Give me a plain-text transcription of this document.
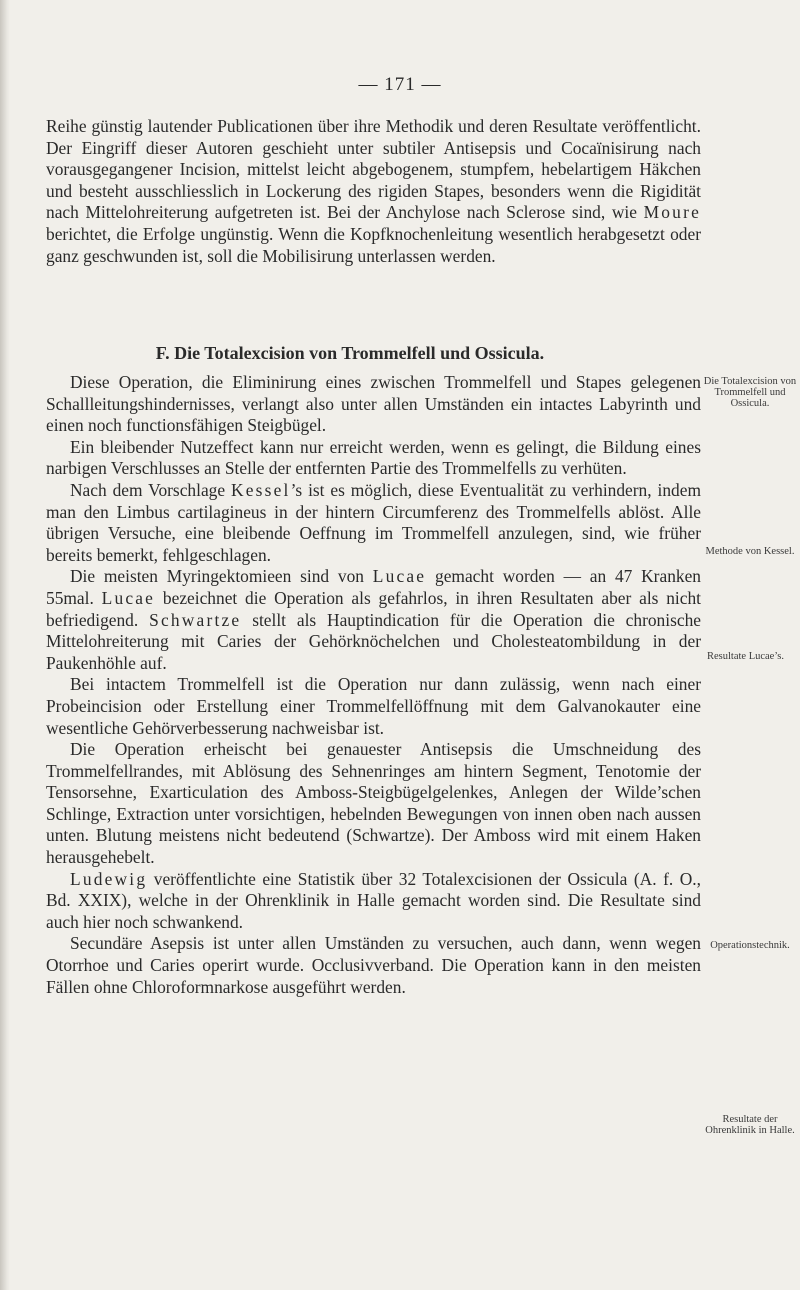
— 171 —

Reihe günstig lautender Publicationen über ihre Methodik und deren Resultate veröffentlicht. Der Eingriff dieser Autoren geschieht unter subtiler Antisepsis und Cocaïnisirung nach vorausgegangener Incision, mittelst leicht abgebogenem, stumpfem, hebelartigem Häkchen und besteht ausschliesslich in Lockerung des rigiden Stapes, besonders wenn die Rigidität nach Mittelohreiterung aufgetreten ist. Bei der Anchylose nach Sclerose sind, wie Moure berichtet, die Erfolge ungünstig. Wenn die Kopfknochenleitung wesentlich herabgesetzt oder ganz geschwunden ist, soll die Mobilisirung unterlassen werden.

F. Die Totalexcision von Trommelfell und Ossicula.

Diese Operation, die Eliminirung eines zwischen Trommelfell und Stapes gelegenen Schallleitungshindernisses, verlangt also unter allen Umständen ein intactes Labyrinth und einen noch functionsfähigen Steigbügel.

Ein bleibender Nutzeffect kann nur erreicht werden, wenn es gelingt, die Bildung eines narbigen Verschlusses an Stelle der entfernten Partie des Trommelfells zu verhüten.

Nach dem Vorschlage Kessel’s ist es möglich, diese Eventualität zu verhindern, indem man den Limbus cartilagineus in der hintern Circumferenz des Trommelfells ablöst. Alle übrigen Versuche, eine bleibende Oeffnung im Trommelfell anzulegen, sind, wie früher bereits bemerkt, fehlgeschlagen.

Die meisten Myringektomieen sind von Lucae gemacht worden — an 47 Kranken 55mal. Lucae bezeichnet die Operation als gefahrlos, in ihren Resultaten aber als nicht befriedigend. Schwartze stellt als Hauptindication für die Operation die chronische Mittelohreiterung mit Caries der Gehörknöchelchen und Cholesteatombildung in der Paukenhöhle auf.

Bei intactem Trommelfell ist die Operation nur dann zulässig, wenn nach einer Probeincision oder Erstellung einer Trommelfellöffnung mit dem Galvanokauter eine wesentliche Gehörverbesserung nachweisbar ist.

Die Operation erheischt bei genauester Antisepsis die Umschneidung des Trommelfellrandes, mit Ablösung des Sehnenringes am hintern Segment, Tenotomie der Tensorsehne, Exarticulation des Amboss-Steigbügelgelenkes, Anlegen der Wilde’schen Schlinge, Extraction unter vorsichtigen, hebelnden Bewegungen von innen oben nach aussen unten. Blutung meistens nicht bedeutend (Schwartze). Der Amboss wird mit einem Haken herausgehebelt.

Ludewig veröffentlichte eine Statistik über 32 Totalexcisionen der Ossicula (A. f. O., Bd. XXIX), welche in der Ohrenklinik in Halle gemacht worden sind. Die Resultate sind auch hier noch schwankend.

Secundäre Asepsis ist unter allen Umständen zu versuchen, auch dann, wenn wegen Otorrhoe und Caries operirt wurde. Occlusivverband. Die Operation kann in den meisten Fällen ohne Chloroformnarkose ausgeführt werden.

Die Totalexcision von Trommelfell und Ossicula.
Methode von Kessel.
Resultate Lucae’s.
Operationstechnik.
Resultate der Ohrenklinik in Halle.
